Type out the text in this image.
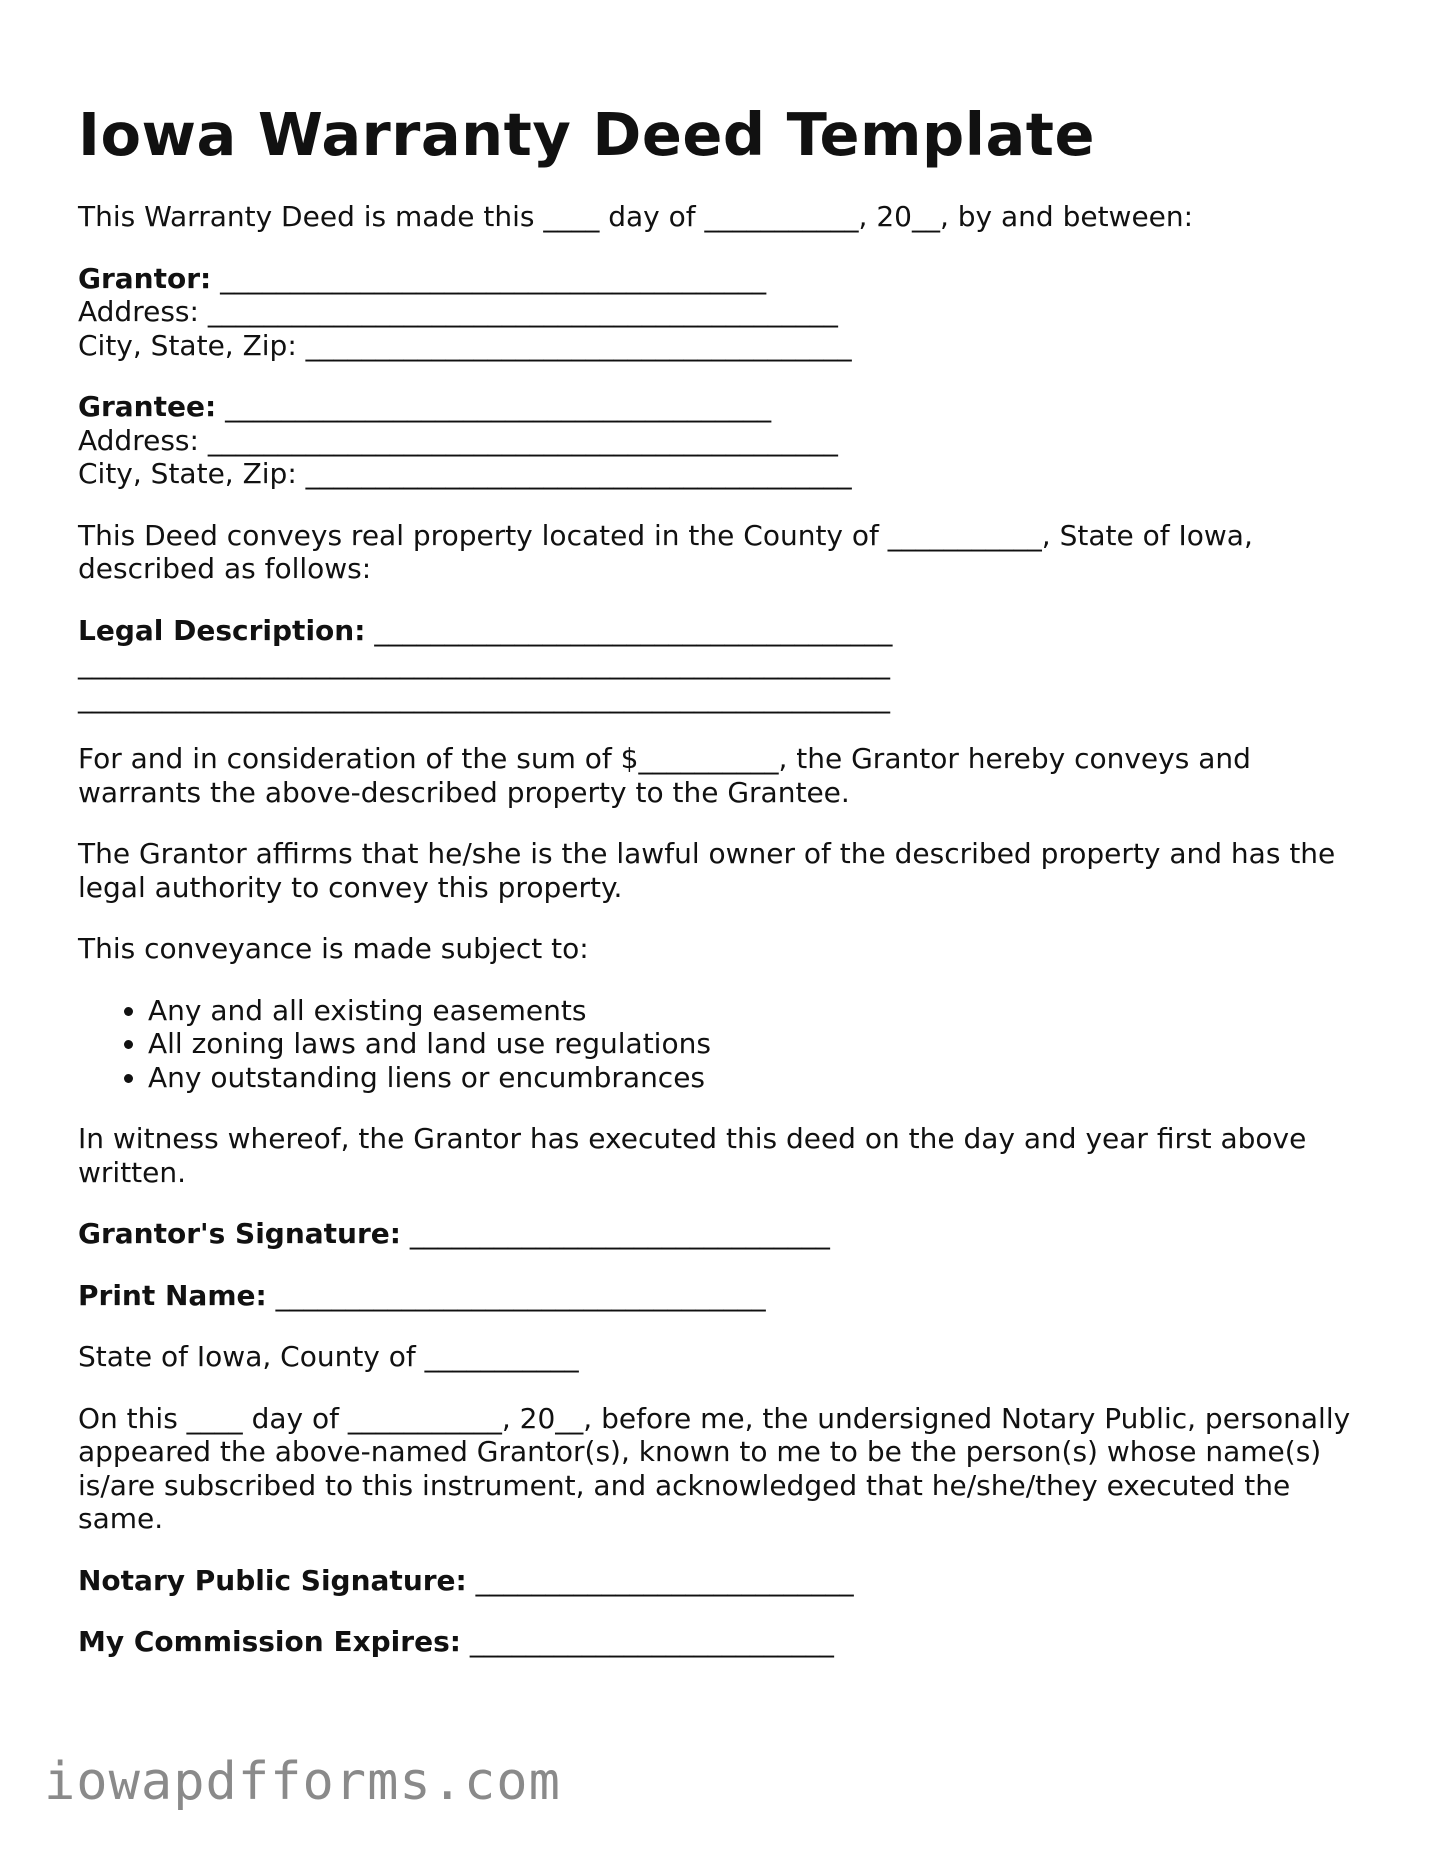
Iowa Warranty Deed Template

This Warranty Deed is made this ____ day of ___________, 20__, by and between:

Grantor: _______________________________________
Address: _____________________________________________
City, State, Zip: _______________________________________
Grantee: _______________________________________
Address: _____________________________________________
City, State, Zip: _______________________________________

This Deed conveys real property located in the County of ___________, State of Iowa, described as follows:

Legal Description: _____________________________________
__________________________________________________________
__________________________________________________________

For and in consideration of the sum of $__________, the Grantor hereby conveys and warrants the above-described property to the Grantee.

The Grantor affirms that he/she is the lawful owner of the described property and has the legal authority to convey this property.

This conveyance is made subject to:

• Any and all existing easements
• All zoning laws and land use regulations
• Any outstanding liens or encumbrances

In witness whereof, the Grantor has executed this deed on the day and year first above written.

Grantor's Signature: ______________________________

Print Name: ___________________________________

State of Iowa, County of ___________

On this ____ day of ___________, 20__, before me, the undersigned Notary Public, personally appeared the above-named Grantor(s), known to me to be the person(s) whose name(s) is/are subscribed to this instrument, and acknowledged that he/she/they executed the same.

Notary Public Signature: ___________________________

My Commission Expires: __________________________

iowapdfforms.com
